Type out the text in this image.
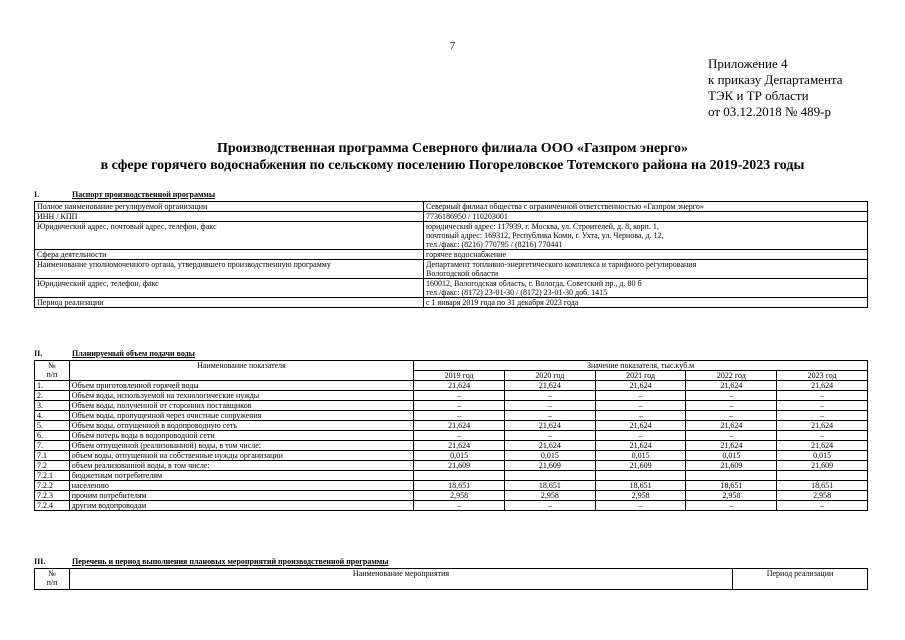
7
Приложение 4
к приказу Департамента
ТЭК и ТР области
от 03.12.2018 № 489-р
Производственная программа Северного филиала ООО «Газпром энерго»
в сфере горячего водоснабжения по сельскому поселению Погореловское Тотемского района на 2019-2023 годы
I.	Паспорт производственной программы
Полное наименование регулируемой организации	Северный филиал общества с ограниченной ответственностью «Газпром энерго»

ИНН / КПП	7736186950 / 110203001

Юридический адрес, почтовый адрес, телефон, факс	юридический адрес: 117939, г. Москва, ул. Строителей, д. 8, корп. 1,
почтовый адрес: 169312, Республика Коми, г. Ухта, ул. Чернова, д. 12,
тел./факс: (8216) 770795 / (8216) 770441

Сфера деятельности	горячее водоснабжение

Наименование уполномоченного органа, утвердившего производственную программу	Департамент топливно-энергетического комплекса и тарифного регулирования
Вологодской области

Юридический адрес, телефон, факс	160012, Вологодская область, г. Вологда, Советский пр., д. 80 б
тел./факс: (8172) 23-01-30 / (8172) 23-01-30 доб. 1415

Период реализации	с 1 января 2019 года по 31 декабря 2023 года
II.	Планируемый объем подачи воды
№
п/п	Наименование показателя	Значение показателя, тыс.куб.м				
		2019 год	2020 год	2021 год	2022 год	2023 год
1.	Объем приготовленной горячей воды	21,624	21,624	21,624	21,624	21,624
2.	Объем воды, используемой на технологические нужды	–	–	–	–	–
3.	Объем воды, полученной от сторонних поставщиков	–	–	–	–	–
4.	Объем воды, пропущенной через очистные сооружения	–	–	–	–	–
5.	Объем воды, отпущенной в водопроводную сеть	21,624	21,624	21,624	21,624	21,624
6.	Объем потерь воды в водопроводной сети	–	–	–	–	–
7.	Объем отпущенной (реализованной) воды, в том числе:	21,624	21,624	21,624	21,624	21,624
7.1	объем воды, отпущенной на собственные нужды организации	0,015	0,015	0,015	0,015	0,015
7.2	объем реализованной воды, в том числе:	21,609	21,609	21,609	21,609	21,609
7.2.1	бюджетным потребителям					
7.2.2	населению	18,651	18,651	18,651	18,651	18,651
7.2.3	прочим потребителям	2,958	2,958	2,958	2,958	2,958
7.2.4	другим водопроводам	–	–	–	–	–
III.	Перечень и период выполнения плановых мероприятий производственной программы
№
п/п	Наименование мероприятия	Период реализации
